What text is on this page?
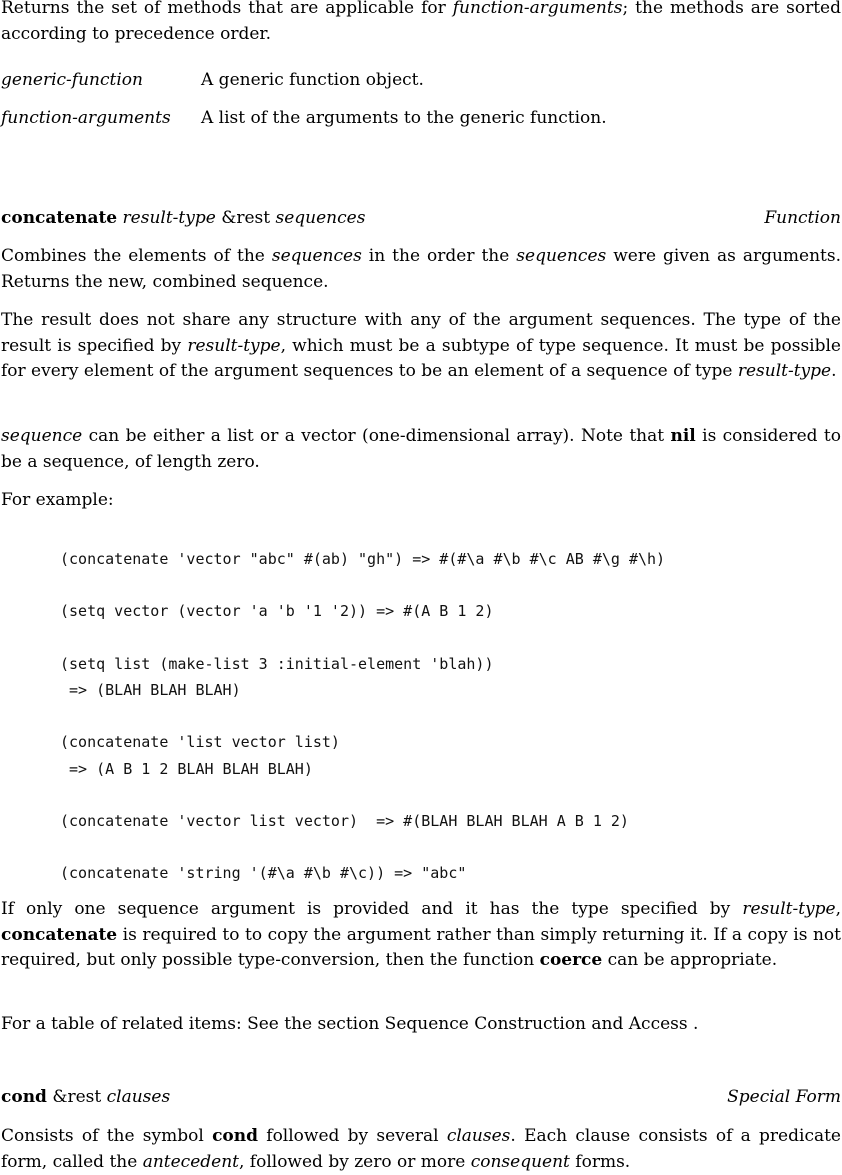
Returns the set of methods that are applicable for function-arguments; the methods are sorted according to precedence order.

generic-function	A generic function object.
function-arguments A list of the arguments to the generic function.
concatenate result-type &rest sequences	Function

Combines the elements of the sequences in the order the sequences were given as arguments. Returns the new, combined sequence.

The result does not share any structure with any of the argument sequences. The type of the result is specified by result-type, which must be a subtype of type sequence. It must be possible for every element of the argument sequences to be an element of a sequence of type result-type.

sequence can be either a list or a vector (one-dimensional array). Note that nil is considered to be a sequence, of length zero.

For example:

(concatenate 'vector "abc" #(ab) "gh") => #(#\a #\b #\c AB #\g #\h)

(setq vector (vector 'a 'b '1 '2)) => #(A B 1 2)

(setq list (make-list 3 :initial-element 'blah))
=> (BLAH BLAH BLAH)

(concatenate 'list vector list)
=> (A B 1 2 BLAH BLAH BLAH)

(concatenate 'vector list vector)  => #(BLAH BLAH BLAH A B 1 2)

(concatenate 'string '(#\a #\b #\c)) => "abc"

If only one sequence argument is provided and it has the type specified by result-type, concatenate is required to to copy the argument rather than simply returning it. If a copy is not required, but only possible type-conversion, then the function coerce can be appropriate.

For a table of related items: See the section Sequence Construction and Access .

cond &rest clauses	Special Form

Consists of the symbol cond followed by several clauses. Each clause consists of a predicate form, called the antecedent, followed by zero or more consequent forms.
